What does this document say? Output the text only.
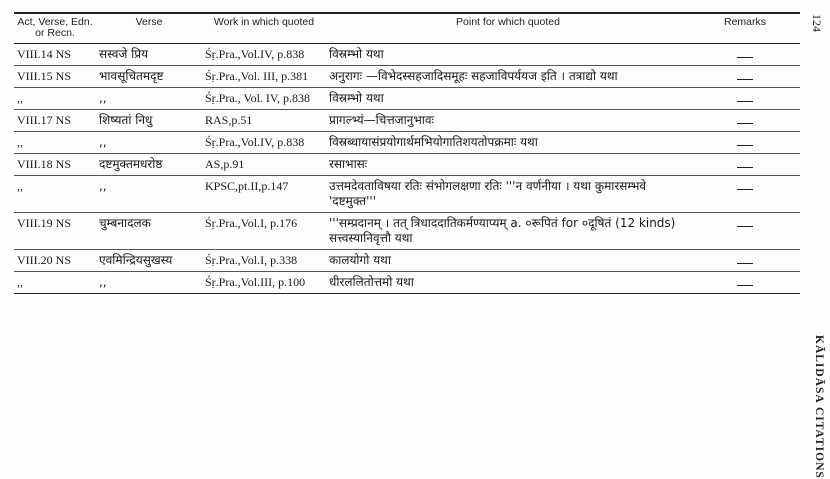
Act, Verse, Edn. or Recn.	Verse	Work in which quoted	Point for which quoted	Remarks
VIII.14 NS	सस्वजे प्रिय	Śṛ.Pra.,Vol.IV, p.838	विस्रम्भो यथा	
VIII.15 NS	भावसूचितमदृष्ट	Śṛ.Pra.,Vol. III, p.381	अनुरागः —विभेदस्सहजादिसमूहः सहजाविपर्ययज इति । तत्राद्यो यथा	
,,	,,	Śṛ.Pra., Vol. IV, p.838	विस्रम्भो यथा	
VIII.17 NS	शिष्यतां निधु	RAS,p.51	प्रागल्भ्यं—चित्तजानुभावः	
,,	,,	Śṛ.Pra.,Vol.IV, p.838	विस्रब्धायासंप्रयोगार्थमभियोगातिशयतोपक्रमाः यथा	
VIII.18 NS	दष्टमुक्तमधरोष्ठ	AS,p.91	रसाभासः	
,,	,,	KPSC,pt.II,p.147	उत्तमदेवताविषया रतिः संभोगलक्षणा रतिः '''न वर्णनीया । यथा कुमारसम्भवे 'दष्टमुक्त'''	
VIII.19 NS	चुम्बनादलक	Śṛ.Pra.,Vol.I, p.176	'''सम्प्रदानम् । तत् त्रिधाददातिकर्मण्याप्यम् a. ०रूपितं for ०दूषितं (12 kinds) सत्त्वस्यानिवृत्तौ यथा	
VIII.20 NS	एवमिन्द्रियसुखस्य	Śṛ.Pra.,Vol.I, p.338	कालयोगो यथा	
,,	,,	Śṛ.Pra.,Vol.III, p.100	धीरललितोत्तमो यथा	
124
KĀLIDĀSA CITATIONS
